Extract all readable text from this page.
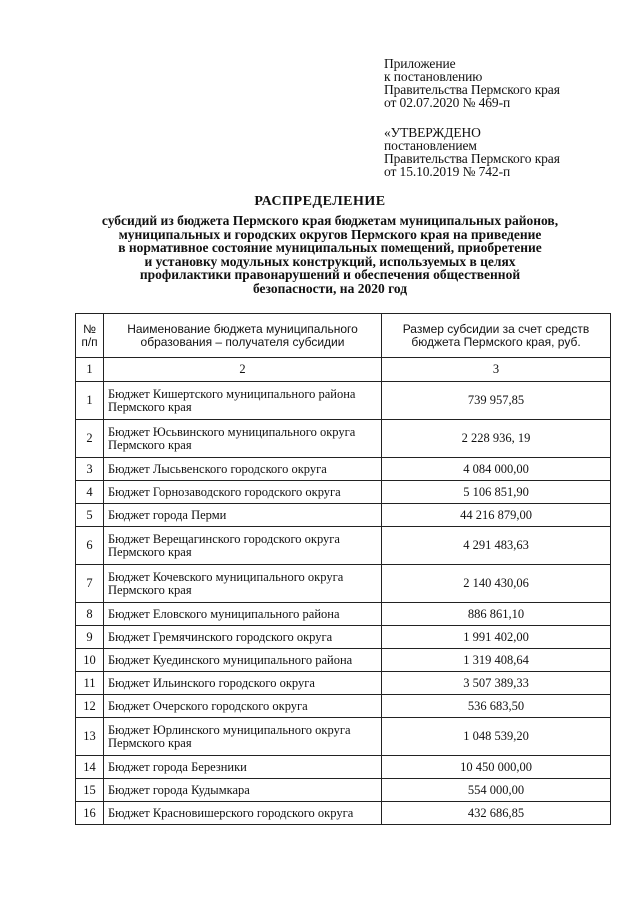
Приложение
к постановлению
Правительства Пермского края
от 02.07.2020 № 469-п
«УТВЕРЖДЕНО
постановлением
Правительства Пермского края
от 15.10.2019 № 742-п
РАСПРЕДЕЛЕНИЕ
субсидий из бюджета Пермского края бюджетам муниципальных районов,
муниципальных и городских округов Пермского края на приведение
в нормативное состояние муниципальных помещений, приобретение
и установку модульных конструкций, используемых в целях
профилактики правонарушений и обеспечения общественной
безопасности, на 2020 год
№ п/п	Наименование бюджета муниципального образования – получателя субсидии	Размер субсидии за счет средств бюджета Пермского края, руб.
1	2	3
1	Бюджет Кишертского муниципального района Пермского края	739 957,85
2	Бюджет Юсьвинского муниципального округа Пермского края	2 228 936, 19
3	Бюджет Лысьвенского городского округа	4 084 000,00
4	Бюджет Горнозаводского городского округа	5 106 851,90
5	Бюджет города Перми	44 216 879,00
6	Бюджет Верещагинского городского округа Пермского края	4 291 483,63
7	Бюджет Кочевского муниципального округа Пермского края	2 140 430,06
8	Бюджет Еловского муниципального района	886 861,10
9	Бюджет Гремячинского городского округа	1 991 402,00
10	Бюджет Куединского муниципального района	1 319 408,64
11	Бюджет Ильинского городского округа	3 507 389,33
12	Бюджет Очерского городского округа	536 683,50
13	Бюджет Юрлинского муниципального округа Пермского края	1 048 539,20
14	Бюджет города Березники	10 450 000,00
15	Бюджет города Кудымкара	554 000,00
16	Бюджет Красновишерского городского округа	432 686,85
